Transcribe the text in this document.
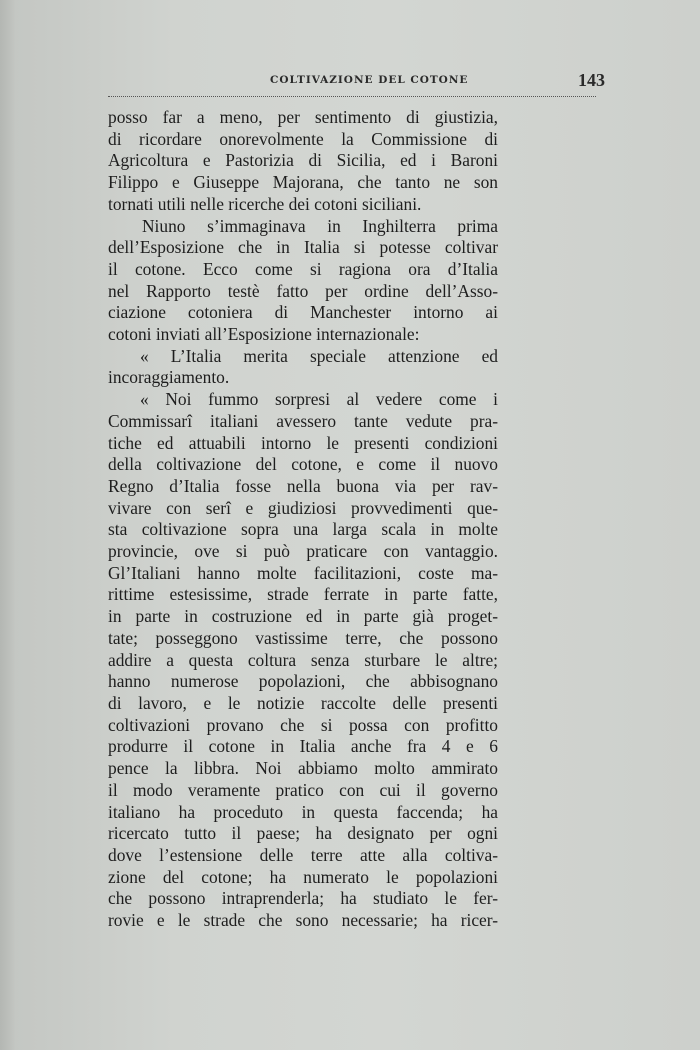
COLTIVAZIONE DEL COTONE	143
posso far a meno, per sentimento di giustizia,
di ricordare onorevolmente la Commissione di
Agricoltura e Pastorizia di Sicilia, ed i Baroni
Filippo e Giuseppe Majorana, che tanto ne son
tornati utili nelle ricerche dei cotoni siciliani.
Niuno s’immaginava in Inghilterra prima
dell’Esposizione che in Italia si potesse coltivar
il cotone. Ecco come si ragiona ora d’Italia
nel Rapporto testè fatto per ordine dell’Asso-
ciazione cotoniera di Manchester intorno ai
cotoni inviati all’Esposizione internazionale:
« L’Italia merita speciale attenzione ed
incoraggiamento.
« Noi fummo sorpresi al vedere come i
Commissarî italiani avessero tante vedute pra-
tiche ed attuabili intorno le presenti condizioni
della coltivazione del cotone, e come il nuovo
Regno d’Italia fosse nella buona via per rav-
vivare con serî e giudiziosi provvedimenti que-
sta coltivazione sopra una larga scala in molte
provincie, ove si può praticare con vantaggio.
Gl’Italiani hanno molte facilitazioni, coste ma-
rittime estesissime, strade ferrate in parte fatte,
in parte in costruzione ed in parte già proget-
tate; posseggono vastissime terre, che possono
addire a questa coltura senza sturbare le altre;
hanno numerose popolazioni, che abbisognano
di lavoro, e le notizie raccolte delle presenti
coltivazioni provano che si possa con profitto
produrre il cotone in Italia anche fra 4 e 6
pence la libbra. Noi abbiamo molto ammirato
il modo veramente pratico con cui il governo
italiano ha proceduto in questa faccenda; ha
ricercato tutto il paese; ha designato per ogni
dove l’estensione delle terre atte alla coltiva-
zione del cotone; ha numerato le popolazioni
che possono intraprenderla; ha studiato le fer-
rovie e le strade che sono necessarie; ha ricer-
